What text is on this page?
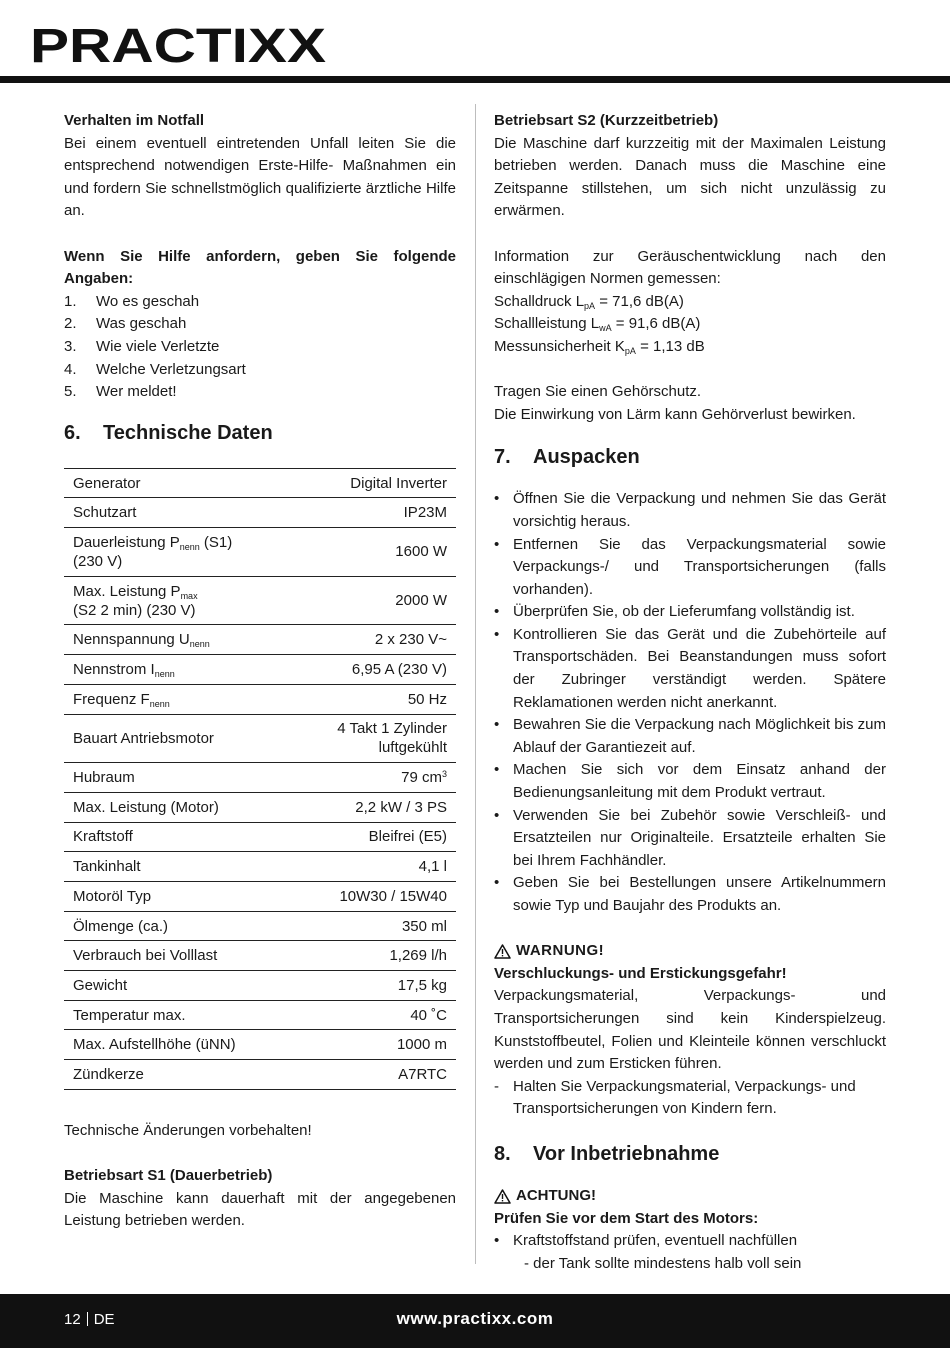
PRACTIXX
Verhalten im Notfall
Bei einem eventuell eintretenden Unfall leiten Sie die entsprechend notwendigen Erste-Hilfe- Maßnahmen ein und fordern Sie schnellstmöglich qualifizierte ärztliche Hilfe an.
Wenn Sie Hilfe anfordern, geben Sie folgende Angaben:
1.	Wo es geschah
2.	Was geschah
3.	Wie viele Verletzte
4.	Welche Verletzungsart
5.	Wer meldet!
6.	Technische Daten
Generator	Digital Inverter
Schutzart	IP23M
Dauerleistung $P_{nenn}$ (S1)
(230 V)	1600 W
Max. Leistung $P_{max}$
(S2 2 min) (230 V)	2000 W
Nennspannung $U_{nenn}$	2 x 230 V~
Nennstrom $I_{nenn}$	6,95 A (230 V)
Frequenz $F_{nenn}$	50 Hz
Bauart Antriebsmotor	4 Takt 1 Zylinder
luftgekühlt
Hubraum	79 $cm^3$
Max. Leistung (Motor)	2,2 kW / 3 PS
Kraftstoff	Bleifrei (E5)
Tankinhalt	4,1 l
Motoröl Typ	10W30 / 15W40
Ölmenge (ca.)	350 ml
Verbrauch bei Volllast	1,269 l/h
Gewicht	17,5 kg
Temperatur max.	40 ˚C
Max. Aufstellhöhe (üNN)	1000 m
Zündkerze	A7RTC
Technische Änderungen vorbehalten!
Betriebsart S1 (Dauerbetrieb)
Die Maschine kann dauerhaft mit der angegebenen Leistung betrieben werden.
Betriebsart S2 (Kurzzeitbetrieb)
Die Maschine darf kurzzeitig mit der Maximalen Leistung betrieben werden. Danach muss die Maschine eine Zeitspanne stillstehen, um sich nicht unzulässig zu erwärmen.
Information zur Geräuschentwicklung nach den einschlägigen Normen gemessen:
Schalldruck $L_{pA} = 71,6$ dB(A)
Schallleistung $L_{wA} = 91,6$ dB(A)
Messunsicherheit $K_{pA} = 1,13$ dB
Tragen Sie einen Gehörschutz.
Die Einwirkung von Lärm kann Gehörverlust bewirken.
7.	Auspacken
• Öffnen Sie die Verpackung und nehmen Sie das Gerät vorsichtig heraus.
• Entfernen Sie das Verpackungsmaterial sowie Verpackungs-/ und Transportsicherungen (falls vorhanden).
• Überprüfen Sie, ob der Lieferumfang vollständig ist.
• Kontrollieren Sie das Gerät und die Zubehörteile auf Transportschäden. Bei Beanstandungen muss sofort der Zubringer verständigt werden. Spätere Reklamationen werden nicht anerkannt.
• Bewahren Sie die Verpackung nach Möglichkeit bis zum Ablauf der Garantiezeit auf.
• Machen Sie sich vor dem Einsatz anhand der Bedienungsanleitung mit dem Produkt vertraut.
• Verwenden Sie bei Zubehör sowie Verschleiß- und Ersatzteilen nur Originalteile. Ersatzteile erhalten Sie bei Ihrem Fachhändler.
• Geben Sie bei Bestellungen unsere Artikelnummern sowie Typ und Baujahr des Produkts an.
WARNUNG!
Verschluckungs- und Erstickungsgefahr!
Verpackungsmaterial, Verpackungs- und Transportsicherungen sind kein Kinderspielzeug. Kunststoffbeutel, Folien und Kleinteile können verschluckt werden und zum Ersticken führen.
- Halten Sie Verpackungsmaterial, Verpackungs- und Transportsicherungen von Kindern fern.
8.	Vor Inbetriebnahme
ACHTUNG!
Prüfen Sie vor dem Start des Motors:
• Kraftstoffstand prüfen, eventuell nachfüllen
- der Tank sollte mindestens halb voll sein
12 DE	www.practixx.com
